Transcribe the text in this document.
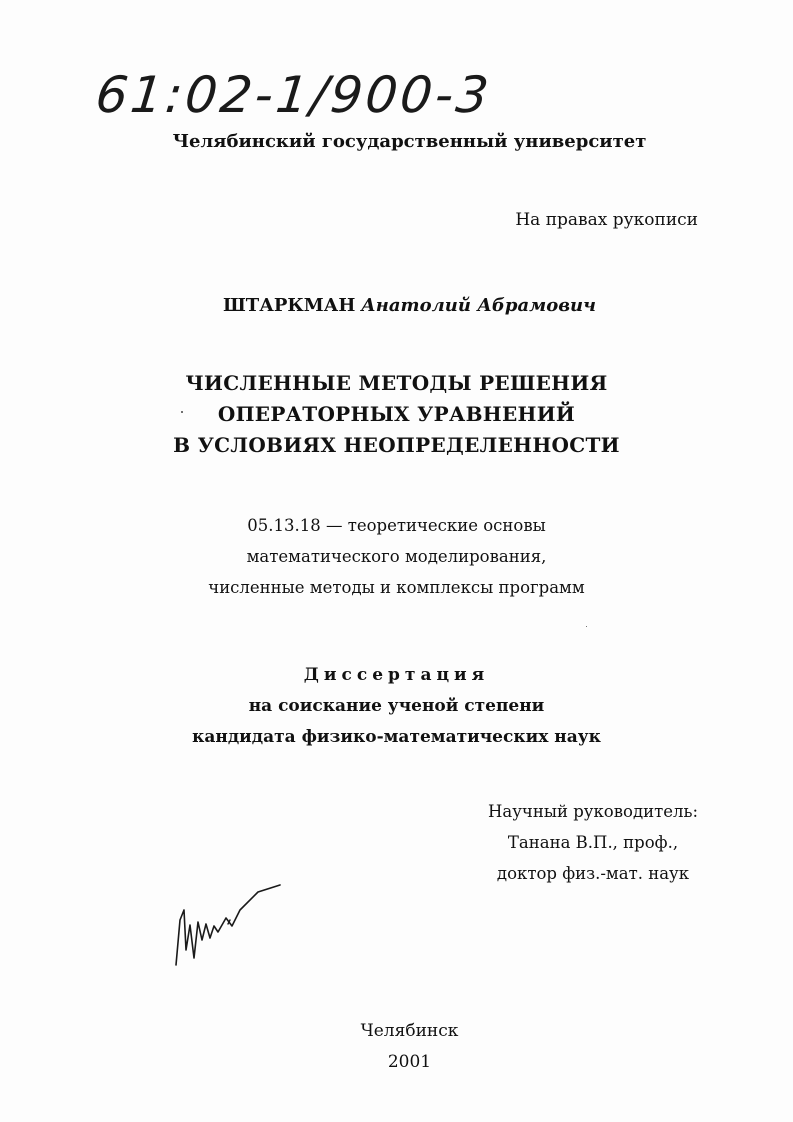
61:02-1/900-3
Челябинский государственный университет
На правах рукописи
ШТАРКМАН Анатолий Абрамович
ЧИСЛЕННЫЕ МЕТОДЫ РЕШЕНИЯ
ОПЕРАТОРНЫХ УРАВНЕНИЙ
В УСЛОВИЯХ НЕОПРЕДЕЛЕННОСТИ
05.13.18 — теоретические основы
математического моделирования,
численные методы и комплексы программ
Диссертация
на соискание ученой степени
кандидата физико-математических наук
Научный руководитель:
Танана В.П., проф.,
доктор физ.-мат. наук
Челябинск
2001
